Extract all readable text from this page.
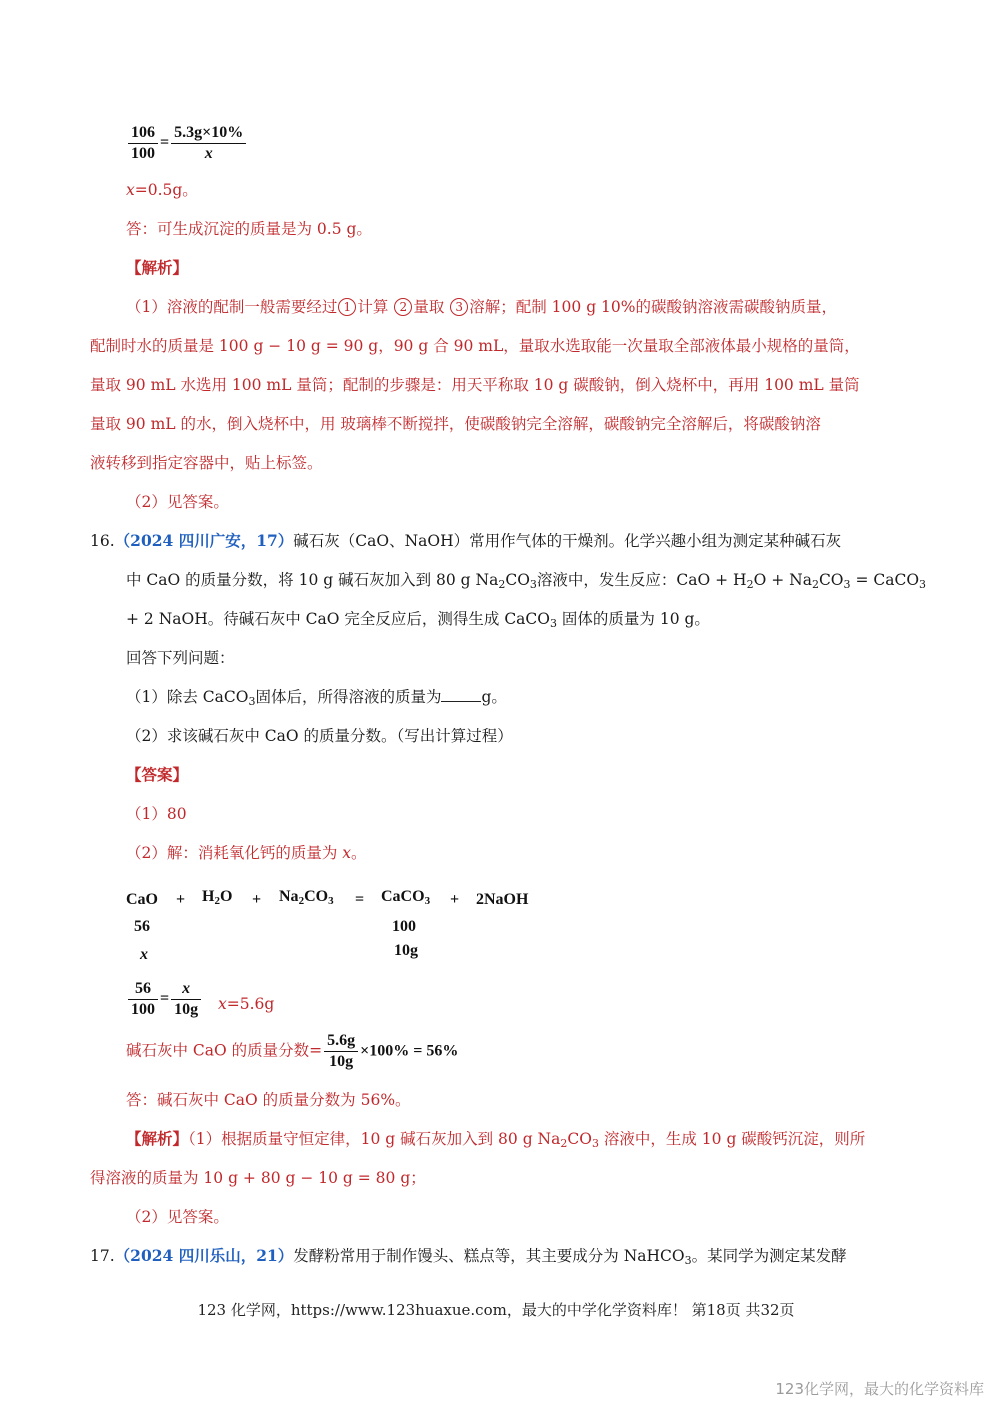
$\frac{106}{100} = \frac{5.3g\times 10\%}{x}$
x=0.5g。
答：可生成沉淀的质量是为 0.5 g。
【解析】
（1）溶液的配制一般需要经过 1 计算 2 量取 3 溶解；配制 100 g 10%的碳酸钠溶液需碳酸钠质量，
配制时水的质量是 100 g − 10 g = 90 g，90 g 合 90 mL，量取水选取能一次量取全部液体最小规格的量筒，
量取 90 mL 水选用 100 mL 量筒；配制的步骤是：用天平称取 10 g 碳酸钠，倒入烧杯中，再用 100 mL 量筒
量取 90 mL 的水，倒入烧杯中，用 玻璃棒不断搅拌，使碳酸钠完全溶解，碳酸钠完全溶解后，将碳酸钠溶
液转移到指定容器中，贴上标签。
（2）见答案。
16.（2024 四川广安，17）碱石灰（CaO、NaOH）常用作气体的干燥剂。化学兴趣小组为测定某种碱石灰
中 CaO 的质量分数，将 10 g 碱石灰加入到 80 g $Na_2CO_3$溶液中，发生反应：CaO + $H_2O + Na_2CO_3$ = CaCO$_3$
+ 2 NaOH。待碱石灰中 CaO 完全反应后，测得生成 CaCO$_3$ 固体的质量为 10 g。
回答下列问题：
（1）除去 CaCO$_3$固体后，所得溶液的质量为	g。
（2）求该碱石灰中 CaO 的质量分数。（写出计算过程）
【答案】
（1）80
（2）解：消耗氧化钙的质量为 x。
CaO + $H_2O + Na_2CO_3$ = CaCO$_3$ + 2NaOH
56	100
x	10g
$\frac{56}{100} = \frac{x}{10g} x=5.6g$
碱石灰中 CaO 的质量分数= $\frac{5.6g}{10g} \times 100\% = 56\%$
答：碱石灰中 CaO 的质量分数为 56%。
【解析】（1）根据质量守恒定律，10 g 碱石灰加入到 80 g $Na_2CO_3$ 溶液中，生成 10 g 碳酸钙沉淀，则所
得溶液的质量为 10 g + 80 g − 10 g = 80 g；
（2）见答案。
17.（2024 四川乐山，21）发酵粉常用于制作馒头、糕点等，其主要成分为 NaHCO$_3$。某同学为测定某发酵
123 化学网，https://www.123huaxue.com，最大的中学化学资料库！ 第18页 共32页
123化学网，最大的化学资料库
